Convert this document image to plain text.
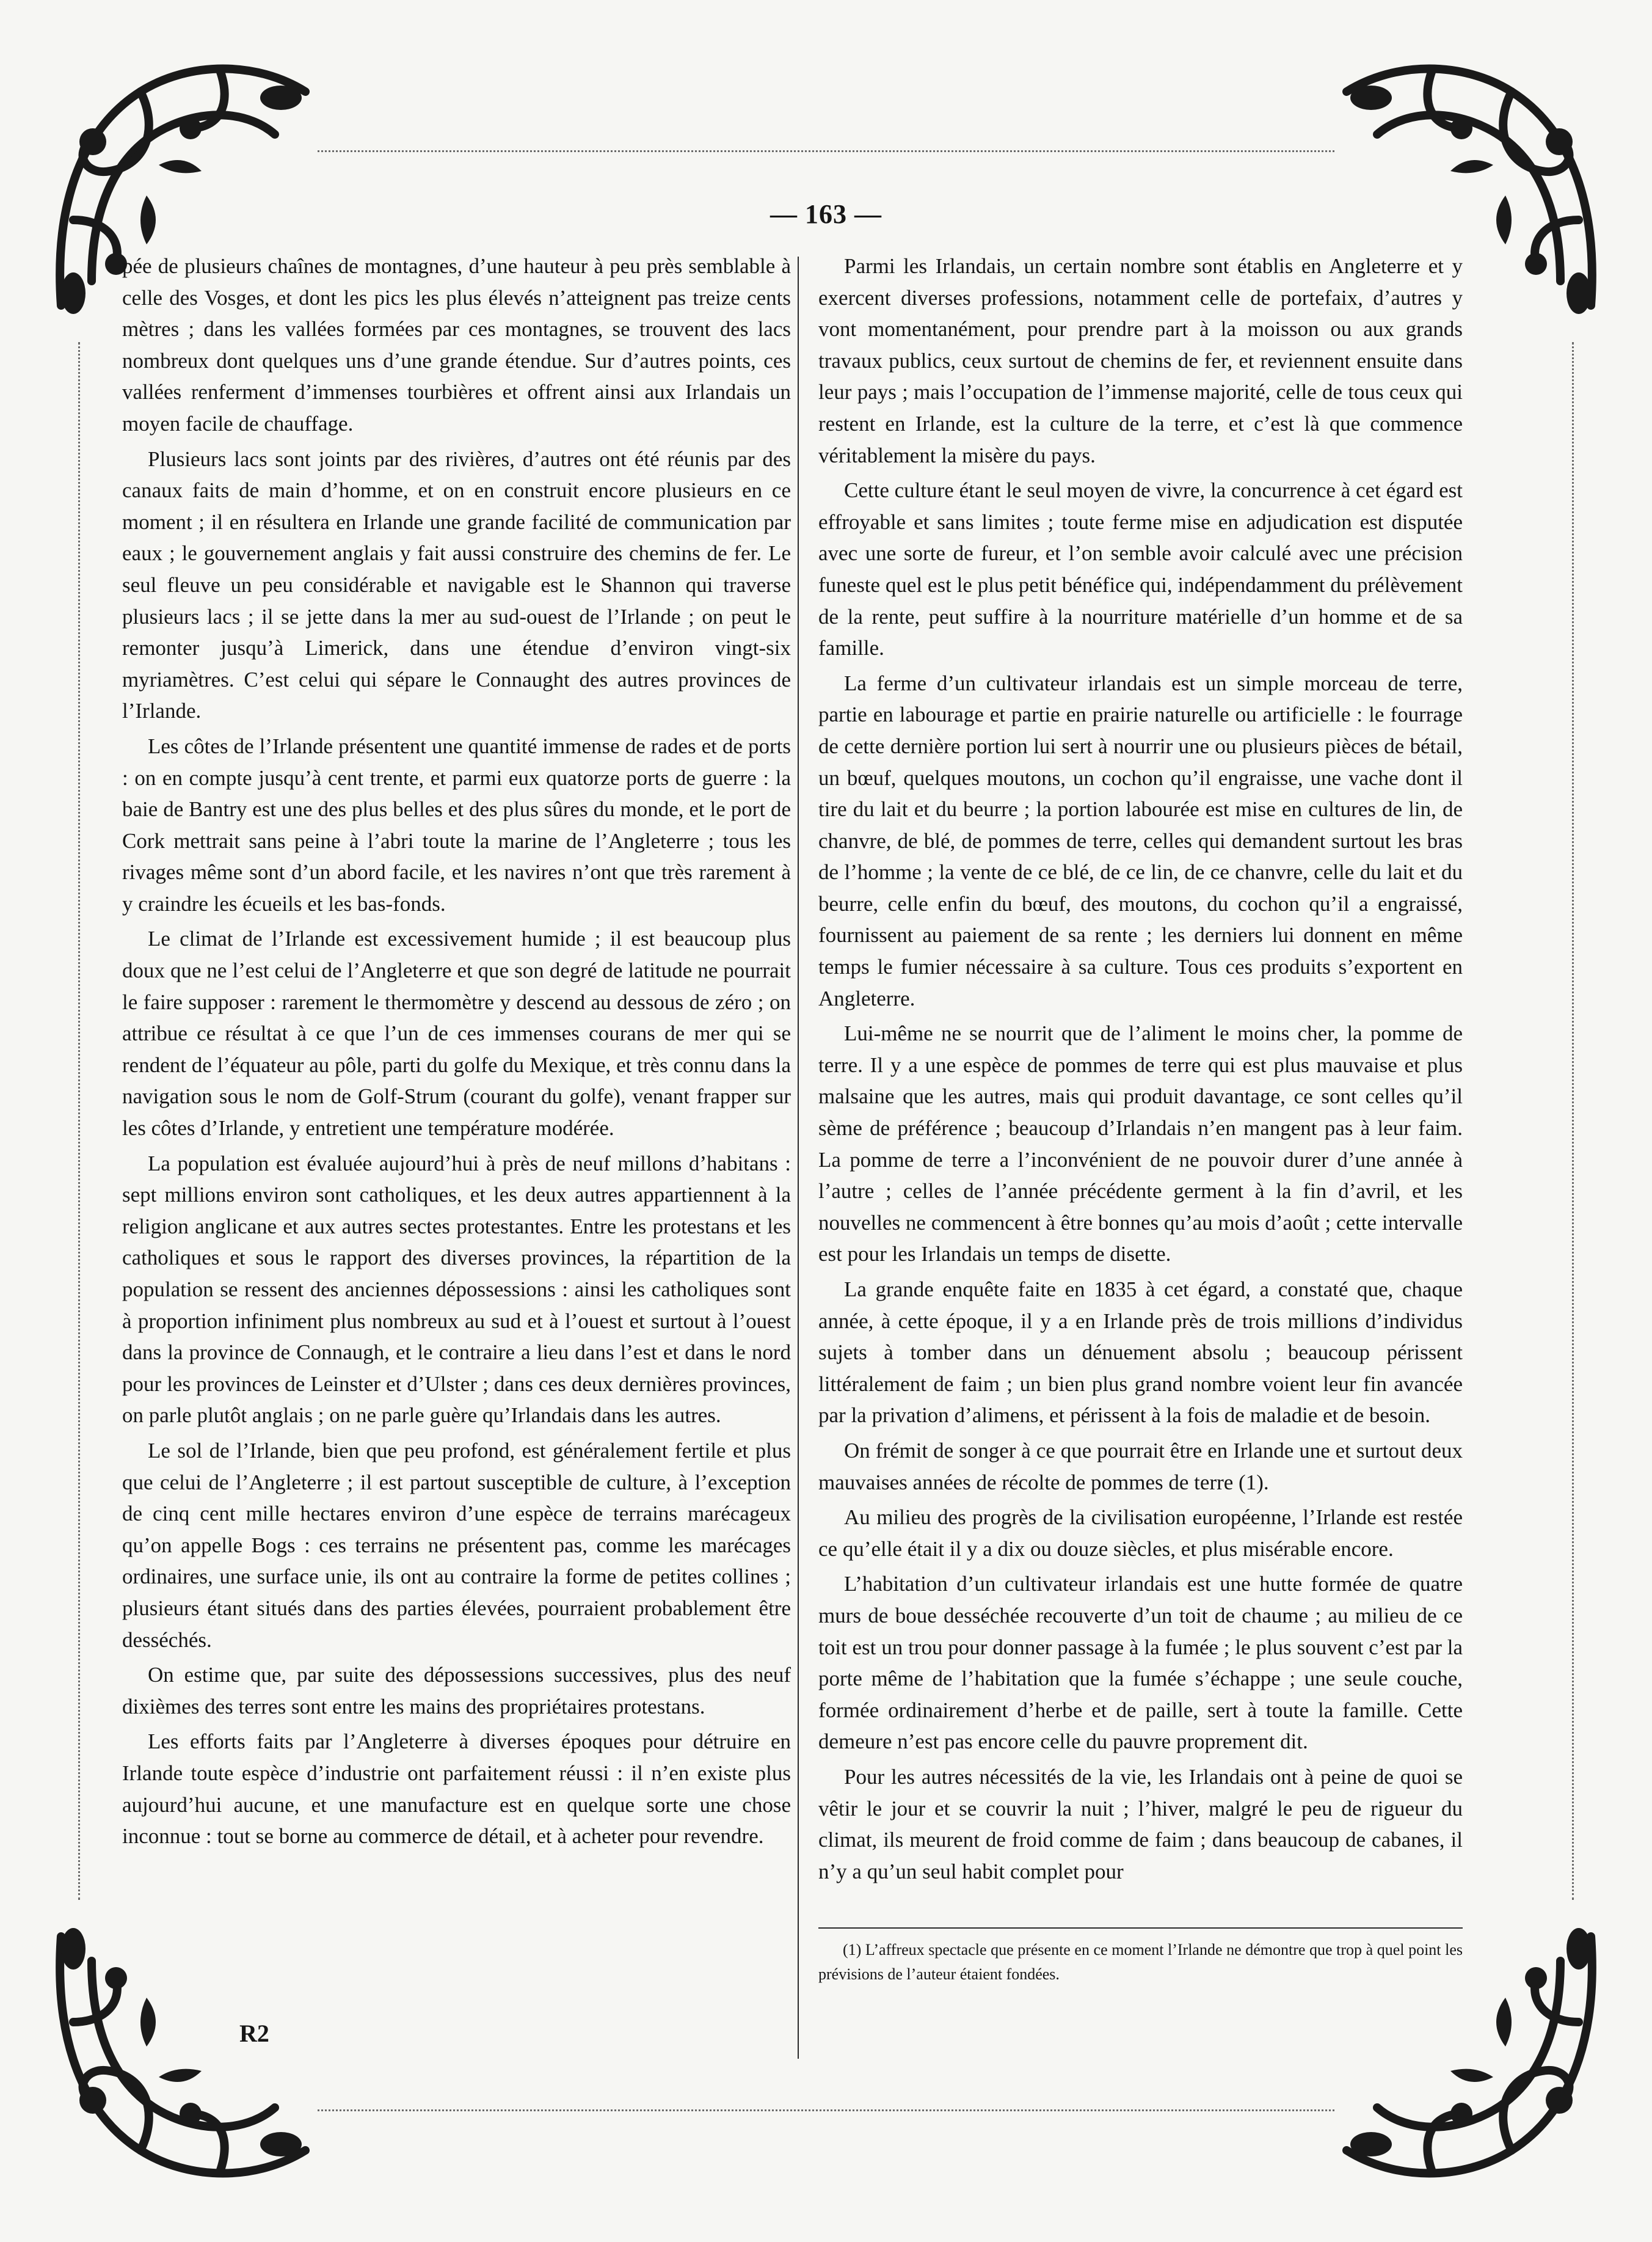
— 163 —

pée de plusieurs chaînes de montagnes, d’une hauteur à peu près semblable à celle des Vosges, et dont les pics les plus élevés n’atteignent pas treize cents mètres ; dans les vallées formées par ces montagnes, se trouvent des lacs nombreux dont quelques uns d’une grande étendue. Sur d’autres points, ces vallées renferment d’immenses tourbières et offrent ainsi aux Irlandais un moyen facile de chauffage.

Plusieurs lacs sont joints par des rivières, d’autres ont été réunis par des canaux faits de main d’homme, et on en construit encore plusieurs en ce moment ; il en résultera en Irlande une grande facilité de communication par eaux ; le gouvernement anglais y fait aussi construire des chemins de fer. Le seul fleuve un peu considérable et navigable est le Shannon qui traverse plusieurs lacs ; il se jette dans la mer au sud-ouest de l’Irlande ; on peut le remonter jusqu’à Limerick, dans une étendue d’environ vingt-six myriamètres. C’est celui qui sépare le Connaught des autres provinces de l’Irlande.

Les côtes de l’Irlande présentent une quantité immense de rades et de ports : on en compte jusqu’à cent trente, et parmi eux quatorze ports de guerre : la baie de Bantry est une des plus belles et des plus sûres du monde, et le port de Cork mettrait sans peine à l’abri toute la marine de l’Angleterre ; tous les rivages même sont d’un abord facile, et les navires n’ont que très rarement à y craindre les écueils et les bas-fonds.

Le climat de l’Irlande est excessivement humide ; il est beaucoup plus doux que ne l’est celui de l’Angleterre et que son degré de latitude ne pourrait le faire supposer : rarement le thermomètre y descend au dessous de zéro ; on attribue ce résultat à ce que l’un de ces immenses courans de mer qui se rendent de l’équateur au pôle, parti du golfe du Mexique, et très connu dans la navigation sous le nom de Golf-Strum (courant du golfe), venant frapper sur les côtes d’Irlande, y entretient une température modérée.

La population est évaluée aujourd’hui à près de neuf millons d’habitans : sept millions environ sont catholiques, et les deux autres appartiennent à la religion anglicane et aux autres sectes protestantes. Entre les protestans et les catholiques et sous le rapport des diverses provinces, la répartition de la population se ressent des anciennes dépossessions : ainsi les catholiques sont à proportion infiniment plus nombreux au sud et à l’ouest et surtout à l’ouest dans la province de Connaugh, et le contraire a lieu dans l’est et dans le nord pour les provinces de Leinster et d’Ulster ; dans ces deux dernières provinces, on parle plutôt anglais ; on ne parle guère qu’Irlandais dans les autres.

Le sol de l’Irlande, bien que peu profond, est généralement fertile et plus que celui de l’Angleterre ; il est partout susceptible de culture, à l’exception de cinq cent mille hectares environ d’une espèce de terrains marécageux qu’on appelle Bogs : ces terrains ne présentent pas, comme les marécages ordinaires, une surface unie, ils ont au contraire la forme de petites collines ; plusieurs étant situés dans des parties élevées, pourraient probablement être desséchés.

On estime que, par suite des dépossessions successives, plus des neuf dixièmes des terres sont entre les mains des propriétaires protestans.

Les efforts faits par l’Angleterre à diverses époques pour détruire en Irlande toute espèce d’industrie ont parfaitement réussi : il n’en existe plus aujourd’hui aucune, et une manufacture est en quelque sorte une chose inconnue : tout se borne au commerce de détail, et à acheter pour revendre.

Parmi les Irlandais, un certain nombre sont établis en Angleterre et y exercent diverses professions, notamment celle de portefaix, d’autres y vont momentanément, pour prendre part à la moisson ou aux grands travaux publics, ceux surtout de chemins de fer, et reviennent ensuite dans leur pays ; mais l’occupation de l’immense majorité, celle de tous ceux qui restent en Irlande, est la culture de la terre, et c’est là que commence véritablement la misère du pays.

Cette culture étant le seul moyen de vivre, la concurrence à cet égard est effroyable et sans limites ; toute ferme mise en adjudication est disputée avec une sorte de fureur, et l’on semble avoir calculé avec une précision funeste quel est le plus petit bénéfice qui, indépendamment du prélèvement de la rente, peut suffire à la nourriture matérielle d’un homme et de sa famille.

La ferme d’un cultivateur irlandais est un simple morceau de terre, partie en labourage et partie en prairie naturelle ou artificielle : le fourrage de cette dernière portion lui sert à nourrir une ou plusieurs pièces de bétail, un bœuf, quelques moutons, un cochon qu’il engraisse, une vache dont il tire du lait et du beurre ; la portion labourée est mise en cultures de lin, de chanvre, de blé, de pommes de terre, celles qui demandent surtout les bras de l’homme ; la vente de ce blé, de ce lin, de ce chanvre, celle du lait et du beurre, celle enfin du bœuf, des moutons, du cochon qu’il a engraissé, fournissent au paiement de sa rente ; les derniers lui donnent en même temps le fumier nécessaire à sa culture. Tous ces produits s’exportent en Angleterre.

Lui-même ne se nourrit que de l’aliment le moins cher, la pomme de terre. Il y a une espèce de pommes de terre qui est plus mauvaise et plus malsaine que les autres, mais qui produit davantage, ce sont celles qu’il sème de préférence ; beaucoup d’Irlandais n’en mangent pas à leur faim. La pomme de terre a l’inconvénient de ne pouvoir durer d’une année à l’autre ; celles de l’année précédente germent à la fin d’avril, et les nouvelles ne commencent à être bonnes qu’au mois d’août ; cette intervalle est pour les Irlandais un temps de disette.

La grande enquête faite en 1835 à cet égard, a constaté que, chaque année, à cette époque, il y a en Irlande près de trois millions d’individus sujets à tomber dans un dénuement absolu ; beaucoup périssent littéralement de faim ; un bien plus grand nombre voient leur fin avancée par la privation d’alimens, et périssent à la fois de maladie et de besoin.

On frémit de songer à ce que pourrait être en Irlande une et surtout deux mauvaises années de récolte de pommes de terre (1).

Au milieu des progrès de la civilisation européenne, l’Irlande est restée ce qu’elle était il y a dix ou douze siècles, et plus misérable encore.

L’habitation d’un cultivateur irlandais est une hutte formée de quatre murs de boue desséchée recouverte d’un toit de chaume ; au milieu de ce toit est un trou pour donner passage à la fumée ; le plus souvent c’est par la porte même de l’habitation que la fumée s’échappe ; une seule couche, formée ordinairement d’herbe et de paille, sert à toute la famille. Cette demeure n’est pas encore celle du pauvre proprement dit.

Pour les autres nécessités de la vie, les Irlandais ont à peine de quoi se vêtir le jour et se couvrir la nuit ; l’hiver, malgré le peu de rigueur du climat, ils meurent de froid comme de faim ; dans beaucoup de cabanes, il n’y a qu’un seul habit complet pour

R2
(1) L’affreux spectacle que présente en ce moment l’Irlande ne démontre que trop à quel point les prévisions de l’auteur étaient fondées.
